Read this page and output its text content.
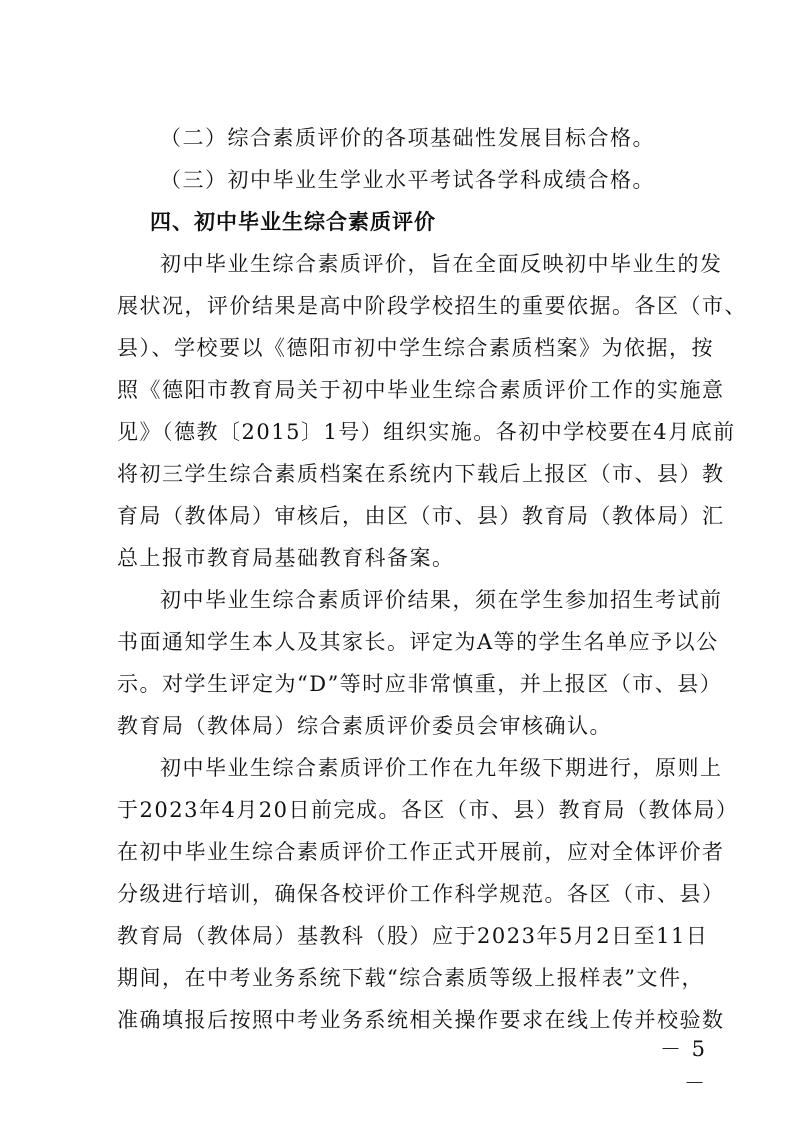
（二）综合素质评价的各项基础性发展目标合格。
（三）初中毕业生学业水平考试各学科成绩合格。
四、初中毕业生综合素质评价
初中毕业生综合素质评价，旨在全面反映初中毕业生的发
展状况，评价结果是高中阶段学校招生的重要依据。各区（市、
县）、学校要以《德阳市初中学生综合素质档案》为依据，按
照《德阳市教育局关于初中毕业生综合素质评价工作的实施意
见》（德教〔2015〕1号）组织实施。各初中学校要在4月底前
将初三学生综合素质档案在系统内下载后上报区（市、县）教
育局（教体局）审核后，由区（市、县）教育局（教体局）汇
总上报市教育局基础教育科备案。
初中毕业生综合素质评价结果，须在学生参加招生考试前
书面通知学生本人及其家长。评定为A等的学生名单应予以公
示。对学生评定为“D”等时应非常慎重，并上报区（市、县）
教育局（教体局）综合素质评价委员会审核确认。
初中毕业生综合素质评价工作在九年级下期进行，原则上
于2023年4月20日前完成。各区（市、县）教育局（教体局）
在初中毕业生综合素质评价工作正式开展前，应对全体评价者
分级进行培训，确保各校评价工作科学规范。各区（市、县）
教育局（教体局）基教科（股）应于2023年5月2日至11日
期间，在中考业务系统下载“综合素质等级上报样表”文件，
准确填报后按照中考业务系统相关操作要求在线上传并校验数
－ 5 －
